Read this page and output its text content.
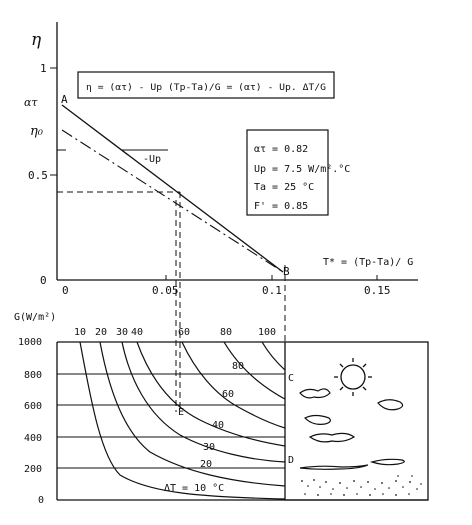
η
1
0.5
0
ατ
η₀
A
B
η = (ατ) - Up (Tp-Ta)/G = (ατ) - Up. ΔT/G
-Up
ατ = 0.82
Up = 7.5 W/m².°C
Ta = 25 °C
F' = 0.85
T* = (Tp-Ta)/ G
0	0.05	0.1	0.15
G(W/m²)
10 20 30 40	60	80	100
80
60
40
30
20
ΔT = 10 °C
C
D
E
1000
800
600
400
200
0
